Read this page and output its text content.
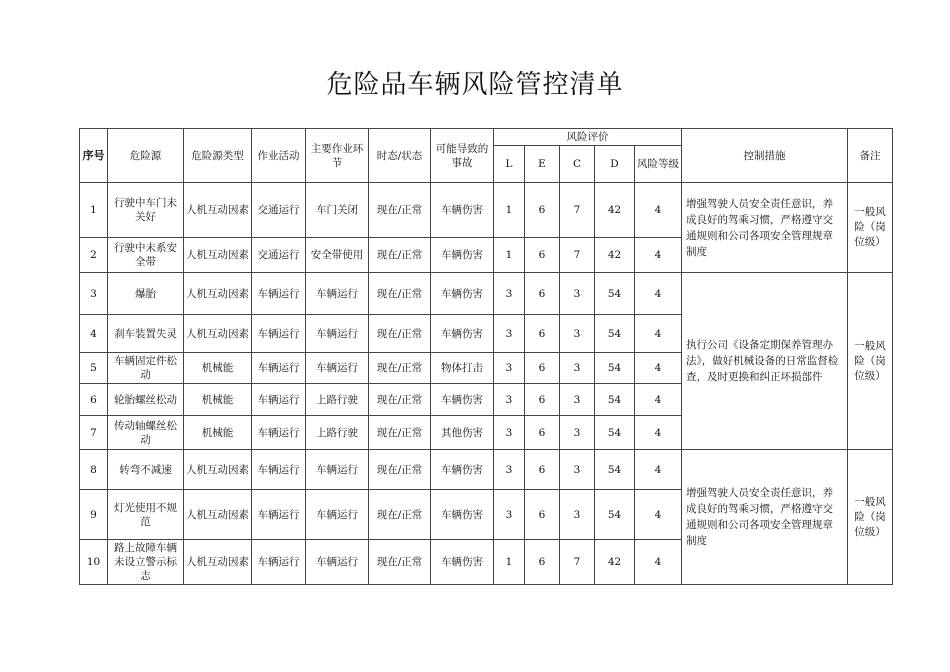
危险品车辆风险管控清单
序号	危险源	危险源类型	作业活动	主要作业环节	时态/状态	可能导致的事故	风险评价					控制措施	备注
							L	E	C	D	风险等级		
1	行驶中车门未关好	人机互动因素	交通运行	车门关闭	现在/正常	车辆伤害	1	6	7	42	4	增强驾驶人员安全责任意识，养成良好的驾乘习惯，严格遵守交通规则和公司各项安全管理规章制度	一般风险（岗位级）
2	行驶中未系安全带	人机互动因素	交通运行	安全带使用	现在/正常	车辆伤害	1	6	7	42	4		
3	爆胎	人机互动因素	车辆运行	车辆运行	现在/正常	车辆伤害	3	6	3	54	4	执行公司《设备定期保养管理办法》，做好机械设备的日常监督检查，及时更换和纠正坏损部件	一般风险（岗位级）
4	刹车装置失灵	人机互动因素	车辆运行	车辆运行	现在/正常	车辆伤害	3	6	3	54	4		
5	车辆固定件松动	机械能	车辆运行	车辆运行	现在/正常	物体打击	3	6	3	54	4		
6	轮胎螺丝松动	机械能	车辆运行	上路行驶	现在/正常	车辆伤害	3	6	3	54	4		
7	传动轴螺丝松动	机械能	车辆运行	上路行驶	现在/正常	其他伤害	3	6	3	54	4		
8	转弯不减速	人机互动因素	车辆运行	车辆运行	现在/正常	车辆伤害	3	6	3	54	4	增强驾驶人员安全责任意识，养成良好的驾乘习惯，严格遵守交通规则和公司各项安全管理规章制度	一般风险（岗位级）
9	灯光使用不规范	人机互动因素	车辆运行	车辆运行	现在/正常	车辆伤害	3	6	3	54	4		
10	路上故障车辆未设立警示标志	人机互动因素	车辆运行	车辆运行	现在/正常	车辆伤害	1	6	7	42	4		
